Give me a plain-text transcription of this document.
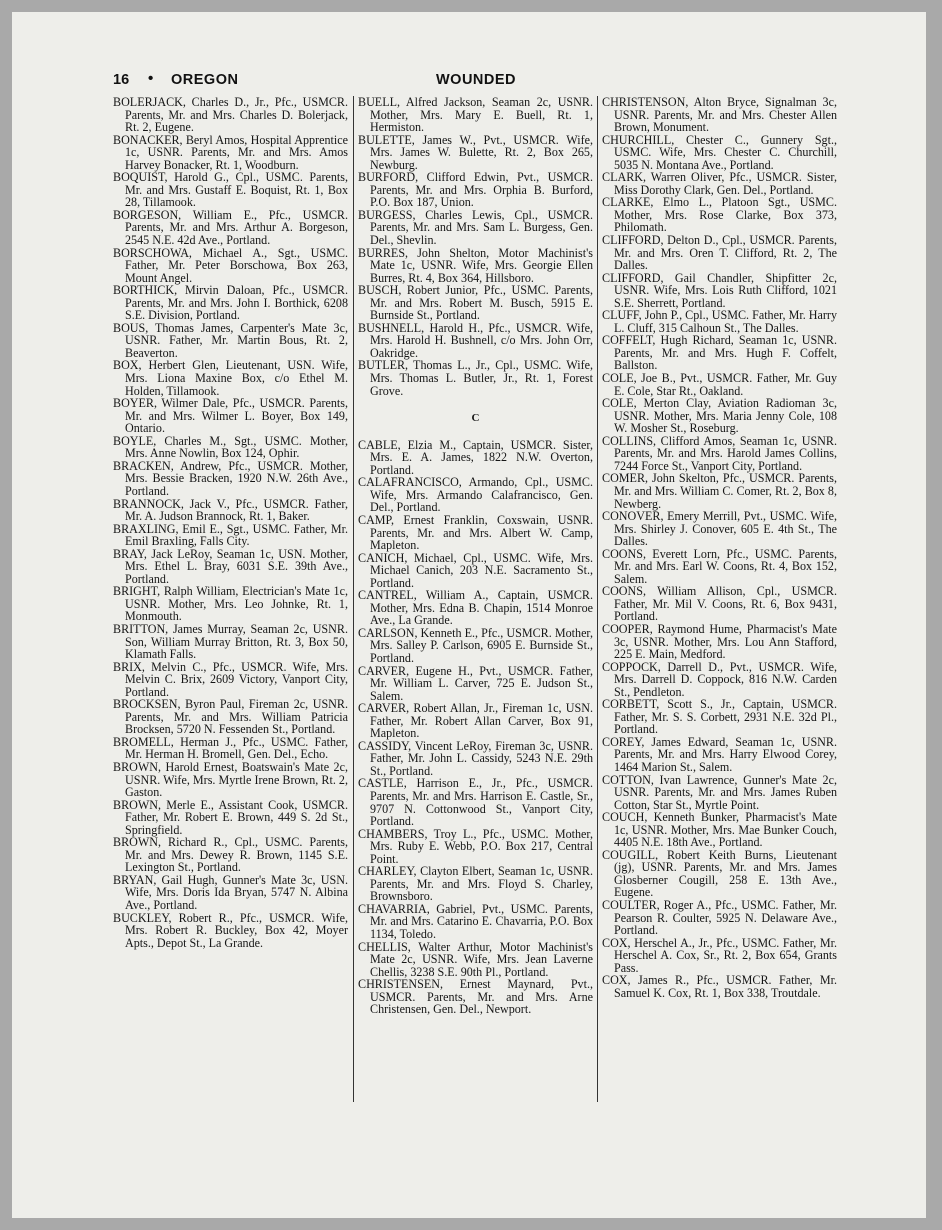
16 • OREGON	WOUNDED

BOLERJACK, Charles D., Jr., Pfc., USMCR. Parents, Mr. and Mrs. Charles D. Bolerjack, Rt. 2, Eugene.

BONACKER, Beryl Amos, Hospital Apprentice 1c, USNR. Parents, Mr. and Mrs. Amos Harvey Bonacker, Rt. 1, Woodburn.

BOQUIST, Harold G., Cpl., USMC. Parents, Mr. and Mrs. Gustaff E. Boquist, Rt. 1, Box 28, Tillamook.

BORGESON, William E., Pfc., USMCR. Parents, Mr. and Mrs. Arthur A. Borgeson, 2545 N.E. 42d Ave., Portland.

BORSCHOWA, Michael A., Sgt., USMC. Father, Mr. Peter Borschowa, Box 263, Mount Angel.

BORTHICK, Mirvin Daloan, Pfc., USMCR. Parents, Mr. and Mrs. John I. Borthick, 6208 S.E. Division, Portland.

BOUS, Thomas James, Carpenter's Mate 3c, USNR. Father, Mr. Martin Bous, Rt. 2, Beaverton.

BOX, Herbert Glen, Lieutenant, USN. Wife, Mrs. Liona Maxine Box, c/o Ethel M. Holden, Tillamook.

BOYER, Wilmer Dale, Pfc., USMCR. Parents, Mr. and Mrs. Wilmer L. Boyer, Box 149, Ontario.

BOYLE, Charles M., Sgt., USMC. Mother, Mrs. Anne Nowlin, Box 124, Ophir.

BRACKEN, Andrew, Pfc., USMCR. Mother, Mrs. Bessie Bracken, 1920 N.W. 26th Ave., Portland.

BRANNOCK, Jack V., Pfc., USMCR. Father, Mr. A. Judson Brannock, Rt. 1, Baker.

BRAXLING, Emil E., Sgt., USMC. Father, Mr. Emil Braxling, Falls City.

BRAY, Jack LeRoy, Seaman 1c, USN. Mother, Mrs. Ethel L. Bray, 6031 S.E. 39th Ave., Portland.

BRIGHT, Ralph William, Electrician's Mate 1c, USNR. Mother, Mrs. Leo Johnke, Rt. 1, Monmouth.

BRITTON, James Murray, Seaman 2c, USNR. Son, William Murray Britton, Rt. 3, Box 50, Klamath Falls.

BRIX, Melvin C., Pfc., USMCR. Wife, Mrs. Melvin C. Brix, 2609 Victory, Vanport City, Portland.

BROCKSEN, Byron Paul, Fireman 2c, USNR. Parents, Mr. and Mrs. William Patricia Brocksen, 5720 N. Fessenden St., Portland.

BROMELL, Herman J., Pfc., USMC. Father, Mr. Herman H. Bromell, Gen. Del., Echo.

BROWN, Harold Ernest, Boatswain's Mate 2c, USNR. Wife, Mrs. Myrtle Irene Brown, Rt. 2, Gaston.

BROWN, Merle E., Assistant Cook, USMCR. Father, Mr. Robert E. Brown, 449 S. 2d St., Springfield.

BROWN, Richard R., Cpl., USMC. Parents, Mr. and Mrs. Dewey R. Brown, 1145 S.E. Lexington St., Portland.

BRYAN, Gail Hugh, Gunner's Mate 3c, USN. Wife, Mrs. Doris Ida Bryan, 5747 N. Albina Ave., Portland.

BUCKLEY, Robert R., Pfc., USMCR. Wife, Mrs. Robert R. Buckley, Box 42, Moyer Apts., Depot St., La Grande.

BUELL, Alfred Jackson, Seaman 2c, USNR. Mother, Mrs. Mary E. Buell, Rt. 1, Hermiston.

BULETTE, James W., Pvt., USMCR. Wife, Mrs. James W. Bulette, Rt. 2, Box 265, Newburg.

BURFORD, Clifford Edwin, Pvt., USMCR. Parents, Mr. and Mrs. Orphia B. Burford, P.O. Box 187, Union.

BURGESS, Charles Lewis, Cpl., USMCR. Parents, Mr. and Mrs. Sam L. Burgess, Gen. Del., Shevlin.

BURRES, John Shelton, Motor Machinist's Mate 1c, USNR. Wife, Mrs. Georgie Ellen Burres, Rt. 4, Box 364, Hillsboro.

BUSCH, Robert Junior, Pfc., USMC. Parents, Mr. and Mrs. Robert M. Busch, 5915 E. Burnside St., Portland.

BUSHNELL, Harold H., Pfc., USMCR. Wife, Mrs. Harold H. Bushnell, c/o Mrs. John Orr, Oakridge.

BUTLER, Thomas L., Jr., Cpl., USMC. Wife, Mrs. Thomas L. Butler, Jr., Rt. 1, Forest Grove.

C

CABLE, Elzia M., Captain, USMCR. Sister, Mrs. E. A. James, 1822 N.W. Overton, Portland.

CALAFRANCISCO, Armando, Cpl., USMC. Wife, Mrs. Armando Calafrancisco, Gen. Del., Portland.

CAMP, Ernest Franklin, Coxswain, USNR. Parents, Mr. and Mrs. Albert W. Camp, Mapleton.

CANICH, Michael, Cpl., USMC. Wife, Mrs. Michael Canich, 203 N.E. Sacramento St., Portland.

CANTREL, William A., Captain, USMCR. Mother, Mrs. Edna B. Chapin, 1514 Monroe Ave., La Grande.

CARLSON, Kenneth E., Pfc., USMCR. Mother, Mrs. Salley P. Carlson, 6905 E. Burnside St., Portland.

CARVER, Eugene H., Pvt., USMCR. Father, Mr. William L. Carver, 725 E. Judson St., Salem.

CARVER, Robert Allan, Jr., Fireman 1c, USN. Father, Mr. Robert Allan Carver, Box 91, Mapleton.

CASSIDY, Vincent LeRoy, Fireman 3c, USNR. Father, Mr. John L. Cassidy, 5243 N.E. 29th St., Portland.

CASTLE, Harrison E., Jr., Pfc., USMCR. Parents, Mr. and Mrs. Harrison E. Castle, Sr., 9707 N. Cottonwood St., Vanport City, Portland.

CHAMBERS, Troy L., Pfc., USMC. Mother, Mrs. Ruby E. Webb, P.O. Box 217, Central Point.

CHARLEY, Clayton Elbert, Seaman 1c, USNR. Parents, Mr. and Mrs. Floyd S. Charley, Brownsboro.

CHAVARRIA, Gabriel, Pvt., USMC. Parents, Mr. and Mrs. Catarino E. Chavarria, P.O. Box 1134, Toledo.

CHELLIS, Walter Arthur, Motor Machinist's Mate 2c, USNR. Wife, Mrs. Jean Laverne Chellis, 3238 S.E. 90th Pl., Portland.

CHRISTENSEN, Ernest Maynard, Pvt., USMCR. Parents, Mr. and Mrs. Arne Christensen, Gen. Del., Newport.

CHRISTENSON, Alton Bryce, Signalman 3c, USNR. Parents, Mr. and Mrs. Chester Allen Brown, Monument.

CHURCHILL, Chester C., Gunnery Sgt., USMC. Wife, Mrs. Chester C. Churchill, 5035 N. Montana Ave., Portland.

CLARK, Warren Oliver, Pfc., USMCR. Sister, Miss Dorothy Clark, Gen. Del., Portland.

CLARKE, Elmo L., Platoon Sgt., USMC. Mother, Mrs. Rose Clarke, Box 373, Philomath.

CLIFFORD, Delton D., Cpl., USMCR. Parents, Mr. and Mrs. Oren T. Clifford, Rt. 2, The Dalles.

CLIFFORD, Gail Chandler, Shipfitter 2c, USNR. Wife, Mrs. Lois Ruth Clifford, 1021 S.E. Sherrett, Portland.

CLUFF, John P., Cpl., USMC. Father, Mr. Harry L. Cluff, 315 Calhoun St., The Dalles.

COFFELT, Hugh Richard, Seaman 1c, USNR. Parents, Mr. and Mrs. Hugh F. Coffelt, Ballston.

COLE, Joe B., Pvt., USMCR. Father, Mr. Guy E. Cole, Star Rt., Oakland.

COLE, Merton Clay, Aviation Radioman 3c, USNR. Mother, Mrs. Maria Jenny Cole, 108 W. Mosher St., Roseburg.

COLLINS, Clifford Amos, Seaman 1c, USNR. Parents, Mr. and Mrs. Harold James Collins, 7244 Force St., Vanport City, Portland.

COMER, John Skelton, Pfc., USMCR. Parents, Mr. and Mrs. William C. Comer, Rt. 2, Box 8, Newberg.

CONOVER, Emery Merrill, Pvt., USMC. Wife, Mrs. Shirley J. Conover, 605 E. 4th St., The Dalles.

COONS, Everett Lorn, Pfc., USMC. Parents, Mr. and Mrs. Earl W. Coons, Rt. 4, Box 152, Salem.

COONS, William Allison, Cpl., USMCR. Father, Mr. Mil V. Coons, Rt. 6, Box 9431, Portland.

COOPER, Raymond Hume, Pharmacist's Mate 3c, USNR. Mother, Mrs. Lou Ann Stafford, 225 E. Main, Medford.

COPPOCK, Darrell D., Pvt., USMCR. Wife, Mrs. Darrell D. Coppock, 816 N.W. Carden St., Pendleton.

CORBETT, Scott S., Jr., Captain, USMCR. Father, Mr. S. S. Corbett, 2931 N.E. 32d Pl., Portland.

COREY, James Edward, Seaman 1c, USNR. Parents, Mr. and Mrs. Harry Elwood Corey, 1464 Marion St., Salem.

COTTON, Ivan Lawrence, Gunner's Mate 2c, USNR. Parents, Mr. and Mrs. James Ruben Cotton, Star St., Myrtle Point.

COUCH, Kenneth Bunker, Pharmacist's Mate 1c, USNR. Mother, Mrs. Mae Bunker Couch, 4405 N.E. 18th Ave., Portland.

COUGILL, Robert Keith Burns, Lieutenant (jg), USNR. Parents, Mr. and Mrs. James Glosberner Cougill, 258 E. 13th Ave., Eugene.

COULTER, Roger A., Pfc., USMC. Father, Mr. Pearson R. Coulter, 5925 N. Delaware Ave., Portland.

COX, Herschel A., Jr., Pfc., USMC. Father, Mr. Herschel A. Cox, Sr., Rt. 2, Box 654, Grants Pass.

COX, James R., Pfc., USMCR. Father, Mr. Samuel K. Cox, Rt. 1, Box 338, Troutdale.
